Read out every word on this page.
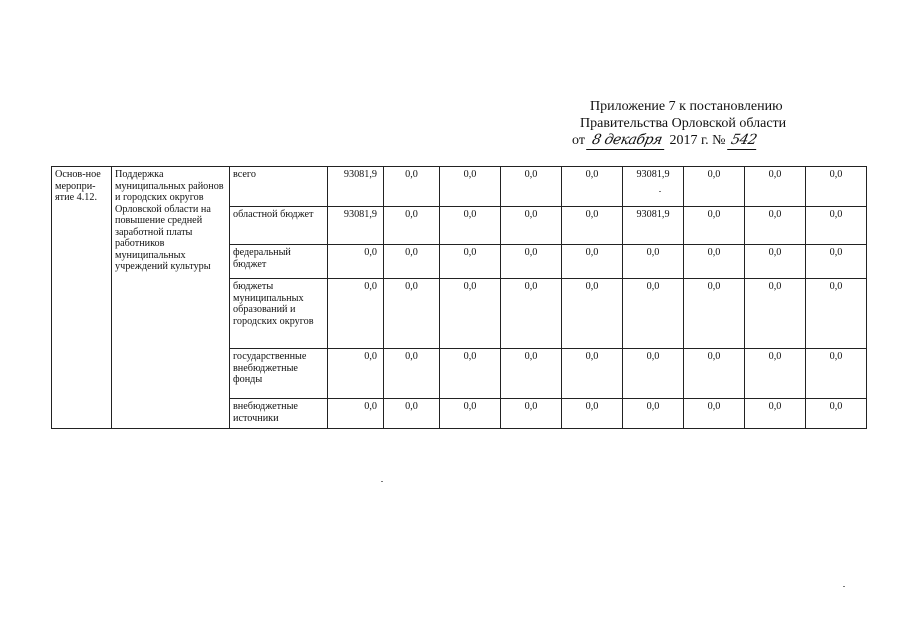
Приложение 7 к постановлению
Правительства Орловской области
от 8 декабря 2017 г. № 542
Основ-ное меропри-ятие 4.12.	Поддержка муниципальных районов и городских округов Орловской области на повышение средней заработной платы работников муниципальных учреждений культуры	всего	93081,9	0,0	0,0	0,0	0,0	93081,9	0,0	0,0	0,0
		областной бюджет	93081,9	0,0	0,0	0,0	0,0	93081,9	0,0	0,0	0,0
		федеральный бюджет	0,0	0,0	0,0	0,0	0,0	0,0	0,0	0,0	0,0
		бюджеты муниципальных образований и городских округов	0,0	0,0	0,0	0,0	0,0	0,0	0,0	0,0	0,0
		государственные внебюджетные фонды	0,0	0,0	0,0	0,0	0,0	0,0	0,0	0,0	0,0
		внебюджетные источники	0,0	0,0	0,0	0,0	0,0	0,0	0,0	0,0	0,0
